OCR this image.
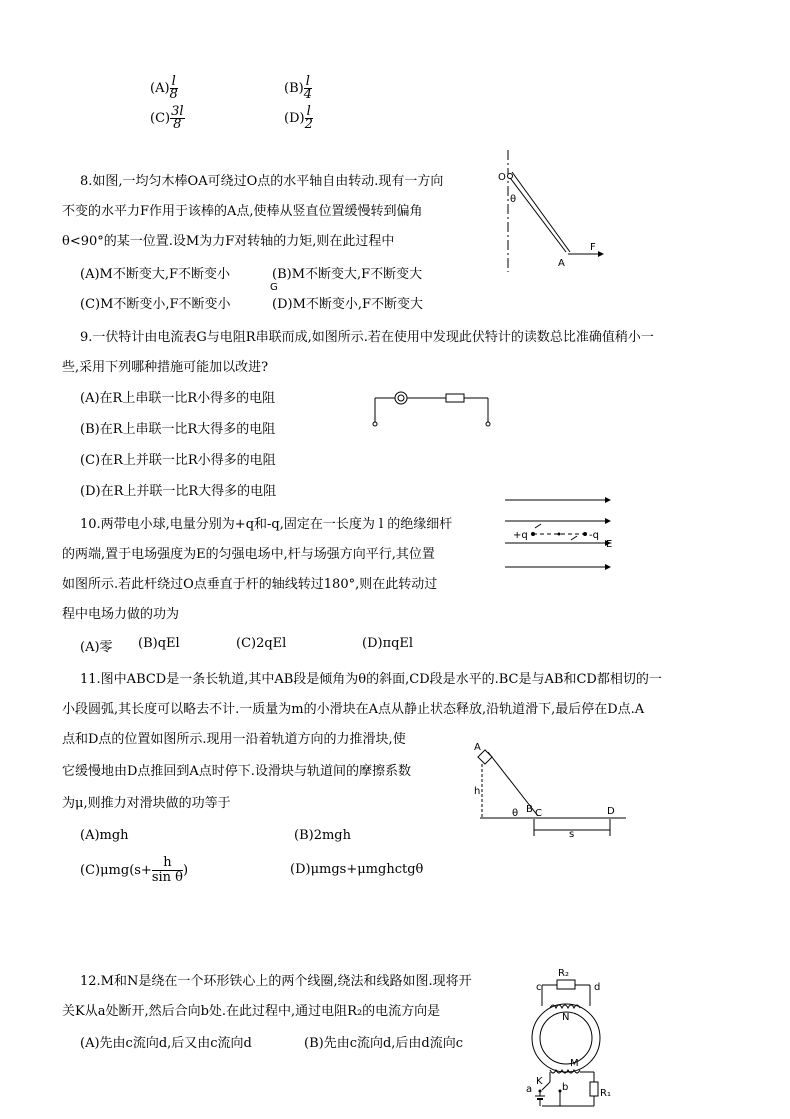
$(A) \frac{l}{8}$	$(B) \frac{l}{4}$
$(C) \frac{3l}{8}$	$(D) \frac{l}{2}$
8.如图,一均匀木棒OA可绕过O点的水平轴自由转动.现有一方向
不变的水平力F作用于该棒的A点,使棒从竖直位置缓慢转到偏角
θ<90°的某一位置.设M为力F对转轴的力矩,则在此过程中
(A)M不断变大,F不断变小	(B)M不断变大,F不断变大
(C)M不断变小,F不断变小	(D)M不断变小,F不断变大
O
θ
A
F
9.一伏特计由电流表G与电阻R串联而成,如图所示.若在使用中发现此伏特计的读数总比准确值稍小一
些,采用下列哪种措施可能加以改进?
(A)在R上串联一比R小得多的电阻
(B)在R上串联一比R大得多的电阻
(C)在R上并联一比R小得多的电阻
(D)在R上并联一比R大得多的电阻
G
10.两带电小球,电量分别为+q和-q,固定在一长度为 l 的绝缘细杆
的两端,置于电场强度为E的匀强电场中,杆与场强方向平行,其位置
如图所示.若此杆绕过O点垂直于杆的轴线转过180°,则在此转动过
程中电场力做的功为
(A)零 (B)qEl	(C)2qEl	(D)πqEl
+q	-q
E
11.图中ABCD是一条长轨道,其中AB段是倾角为θ的斜面,CD段是水平的.BC是与AB和CD都相切的一
小段圆弧,其长度可以略去不计.一质量为m的小滑块在A点从静止状态释放,沿轨道滑下,最后停在D点.A
点和D点的位置如图所示.现用一沿着轨道方向的力推滑块,使
它缓慢地由D点推回到A点时停下.设滑块与轨道间的摩擦系数
为μ,则推力对滑块做的功等于
(A)mgh	(B)2mgh
$(C)\mu mg(s+ \frac{h}{\text{sin θ}}$ )	(D)μmgs+μmghctgθ
A
h
θ B C	D
s
12.M和N是绕在一个环形铁心上的两个线圈,绕法和线路如图.现将开
关K从a处断开,然后合向b处.在此过程中,通过电阻R₂的电流方向是
(A)先由c流向d,后又由c流向d	(B)先由c流向d,后由d流向c
R₂
c	d
N
M
K
a	b
R₁
